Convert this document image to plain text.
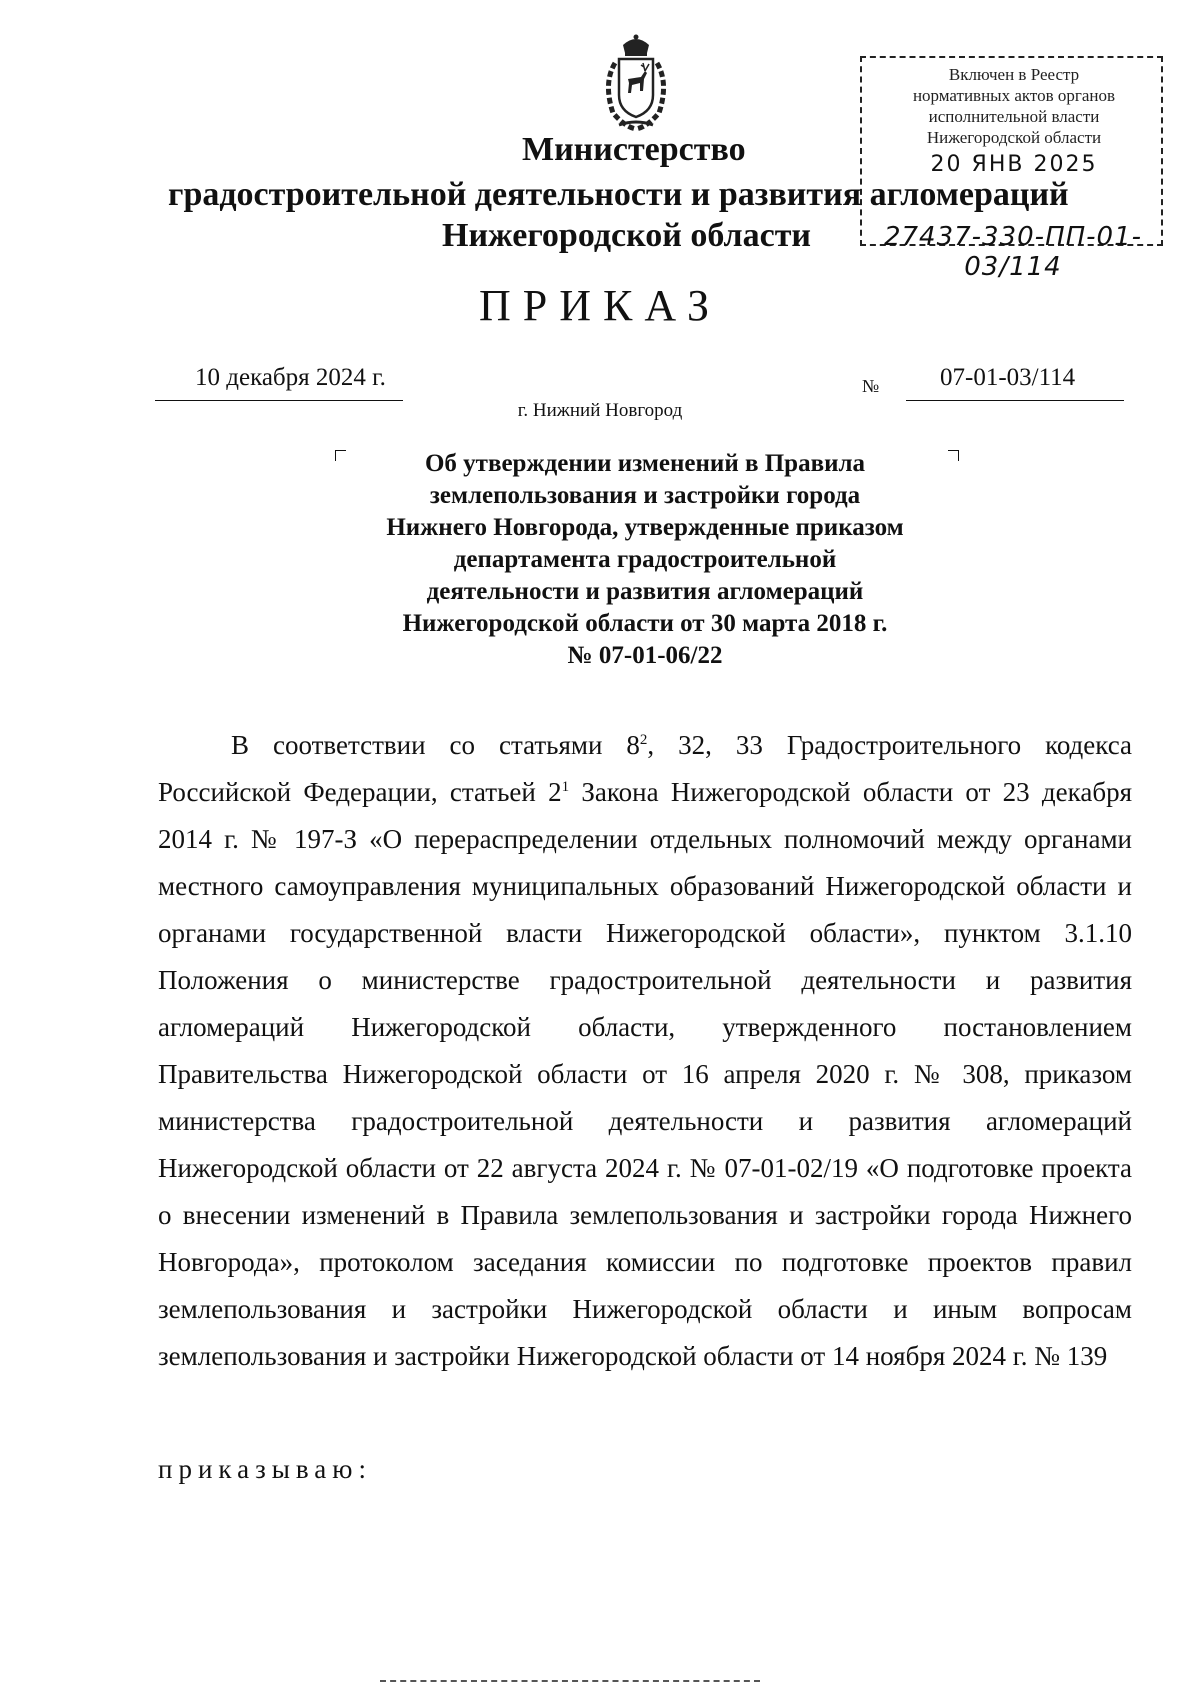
Включен в Реестр
нормативных актов органов
исполнительной власти
Нижегородской области
20 ЯНВ 2025
27437-330-ПП-01-03/114
Министерство
градостроительной деятельности и развития агломераций
Нижегородской области
ПРИКАЗ
10 декабря 2024 г.	№ 07-01-03/114
г. Нижний Новгород
Об утверждении изменений в Правила
землепользования и застройки города
Нижнего Новгорода, утвержденные приказом
департамента градостроительной
деятельности и развития агломераций
Нижегородской области от 30 марта 2018 г.
№ 07-01-06/22
В соответствии со статьями $8^2$, 32, 33 Градостроительного кодекса Российской Федерации, статьей $2^1$ Закона Нижегородской области от 23 декабря 2014 г. № 197-З «О перераспределении отдельных полномочий между органами местного самоуправления муниципальных образований Нижегородской области и органами государственной власти Нижегородской области», пунктом 3.1.10 Положения о министерстве градостроительной деятельности и развития агломераций Нижегородской области, утвержденного постановлением Правительства Нижегородской области от 16 апреля 2020 г. № 308, приказом министерства градостроительной деятельности и развития агломераций Нижегородской области от 22 августа 2024 г. № 07-01-02/19 «О подготовке проекта о внесении изменений в Правила землепользования и застройки города Нижнего Новгорода», протоколом заседания комиссии по подготовке проектов правил землепользования и застройки Нижегородской области и иным вопросам землепользования и застройки Нижегородской области от 14 ноября 2024 г. № 139
приказываю:
